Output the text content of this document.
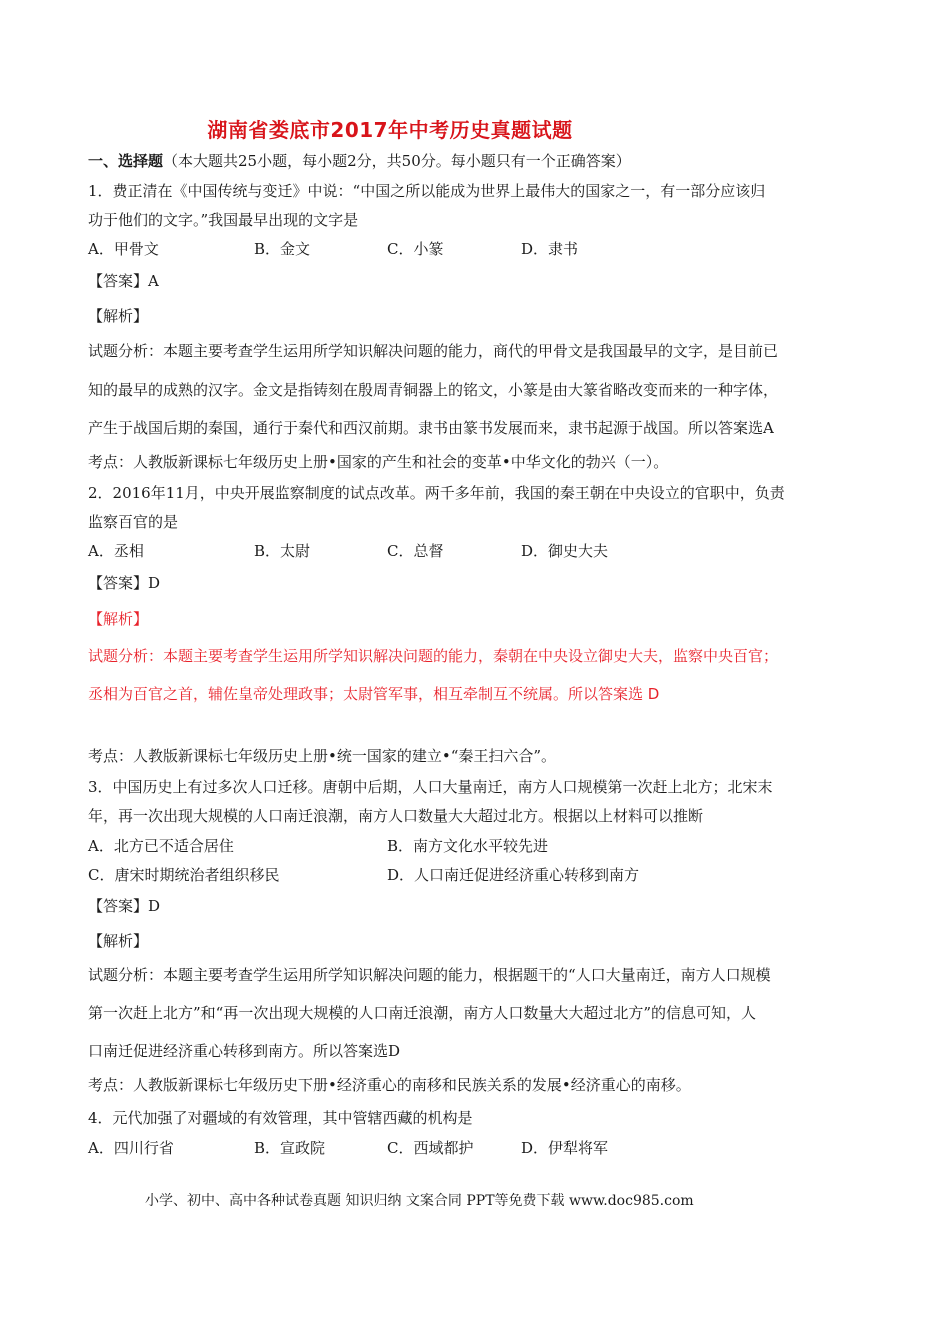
湖南省娄底市2017年中考历史真题试题
一、选择题（本大题共25小题，每小题2分，共50分。每小题只有一个正确答案）
1．费正清在《中国传统与变迁》中说：“中国之所以能成为世界上最伟大的国家之一，有一部分应该归
功于他们的文字。”我国最早出现的文字是
A．甲骨文	B．金文	C．小篆	D．隶书
【答案】A
【解析】
试题分析：本题主要考查学生运用所学知识解决问题的能力，商代的甲骨文是我国最早的文字，是目前已
知的最早的成熟的汉字。金文是指铸刻在殷周青铜器上的铭文，小篆是由大篆省略改变而来的一种字体，
产生于战国后期的秦国，通行于秦代和西汉前期。隶书由篆书发展而来，隶书起源于战国。所以答案选A
考点：人教版新课标七年级历史上册•国家的产生和社会的变革•中华文化的勃兴（一）。
2．2016年11月，中央开展监察制度的试点改革。两千多年前，我国的秦王朝在中央设立的官职中，负责
监察百官的是
A．丞相	B．太尉	C．总督	D．御史大夫
【答案】D
【解析】
试题分析：本题主要考查学生运用所学知识解决问题的能力，秦朝在中央设立御史大夫，监察中央百官；
丞相为百官之首，辅佐皇帝处理政事；太尉管军事，相互牵制互不统属。所以答案选 D
考点：人教版新课标七年级历史上册•统一国家的建立•“秦王扫六合”。
3．中国历史上有过多次人口迁移。唐朝中后期，人口大量南迁，南方人口规模第一次赶上北方；北宋末
年，再一次出现大规模的人口南迁浪潮，南方人口数量大大超过北方。根据以上材料可以推断
A．北方已不适合居住	B．南方文化水平较先进
C．唐宋时期统治者组织移民	D．人口南迁促进经济重心转移到南方
【答案】D
【解析】
试题分析：本题主要考查学生运用所学知识解决问题的能力，根据题干的“人口大量南迁，南方人口规模
第一次赶上北方”和“再一次出现大规模的人口南迁浪潮，南方人口数量大大超过北方”的信息可知，人
口南迁促进经济重心转移到南方。所以答案选D
考点：人教版新课标七年级历史下册•经济重心的南移和民族关系的发展•经济重心的南移。
4．元代加强了对疆域的有效管理，其中管辖西藏的机构是
A．四川行省	B．宣政院	C．西域都护	D．伊犁将军
小学、初中、高中各种试卷真题 知识归纳 文案合同 PPT等免费下载 www.doc985.com
